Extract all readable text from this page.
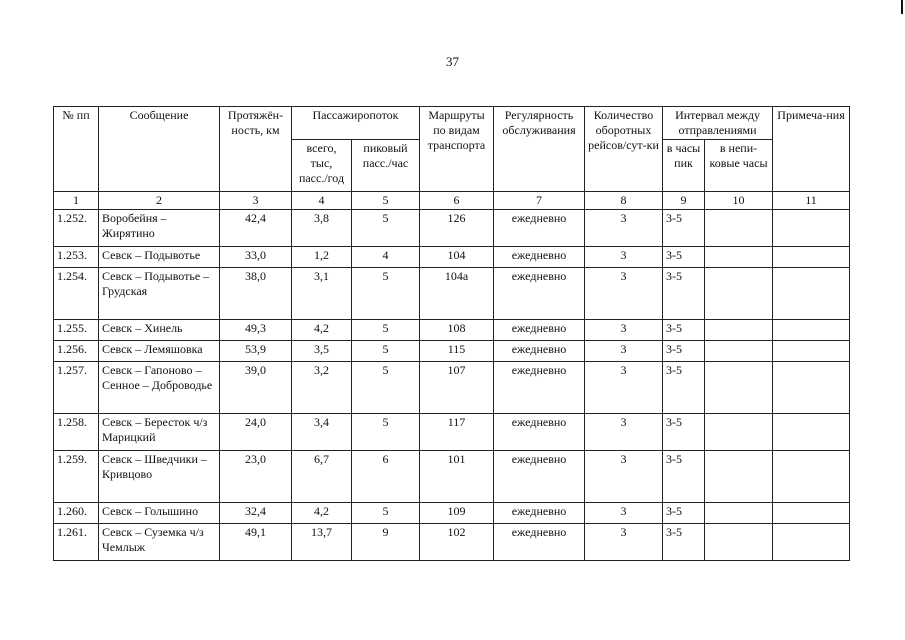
37
№ пп	Сообщение	Протяжён-ность, км	Пассажиропоток		Маршруты по видам транспорта	Регулярность обслуживания	Количество оборотных рейсов/сут-ки	Интервал между отправлениями		Примеча-ния
			всего, тыс, пасс./год	пиковый пасс./час				в часы пик	в непи-ковые часы	
1	2	3	4	5	6	7	8	9	10	11
1.252.	Воробейня – Жирятино	42,4	3,8	5	126	ежедневно	3	3-5		
1.253.	Севск – Подывотье	33,0	1,2	4	104	ежедневно	3	3-5		
1.254.	Севск – Подывотье – Грудская	38,0	3,1	5	104а	ежедневно	3	3-5		
1.255.	Севск – Хинель	49,3	4,2	5	108	ежедневно	3	3-5		
1.256.	Севск – Лемяшовка	53,9	3,5	5	115	ежедневно	3	3-5		
1.257.	Севск – Гапоново – Сенное – Доброводье	39,0	3,2	5	107	ежедневно	3	3-5		
1.258.	Севск – Бересток ч/з Марицкий	24,0	3,4	5	117	ежедневно	3	3-5		
1.259.	Севск – Шведчики – Кривцово	23,0	6,7	6	101	ежедневно	3	3-5		
1.260.	Севск – Голышино	32,4	4,2	5	109	ежедневно	3	3-5		
1.261.	Севск – Суземка ч/з Чемлыж	49,1	13,7	9	102	ежедневно	3	3-5		
